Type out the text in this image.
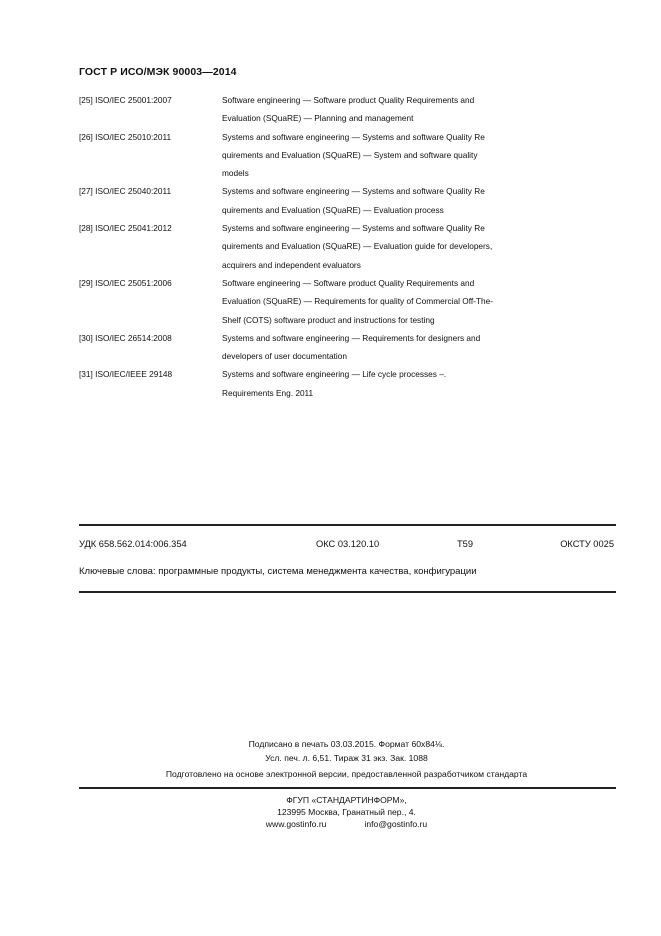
ГОСТ Р ИСО/МЭК 90003—2014
[25] ISO/IEC 25001:2007	Software engineering — Software product Quality Requirements and
Evaluation (SQuaRE) — Planning and management
[26] ISO/IEC 25010:2011	Systems and software engineering — Systems and software Quality Re
quirements and Evaluation (SQuaRE) — System and software quality
models
[27] ISO/IEC 25040:2011	Systems and software engineering — Systems and software Quality Re
quirements and Evaluation (SQuaRE) — Evaluation process
[28] ISO/IEC 25041:2012	Systems and software engineering — Systems and software Quality Re
quirements and Evaluation (SQuaRE) — Evaluation guide for developers,
acquirers and independent evaluators
[29] ISO/IEC 25051:2006	Software engineering — Software product Quality Requirements and
Evaluation (SQuaRE) — Requirements for quality of Commercial Off-The-
Shelf (COTS) software product and instructions for testing
[30] ISO/IEC 26514:2008	Systems and software engineering — Requirements for designers and
developers of user documentation
[31] ISO/IEC/IEEE 29148	Systems and software engineering — Life cycle processes –.
Requirements Eng. 2011
УДК 658.562.014:006.354	ОКС 03.120.10	Т59	ОКСТУ 0025
Ключевые слова: программные продукты, система менеджмента качества, конфигурации
Подписано в печать 03.03.2015. Формат 60х84⅛.
Усл. печ. л. 6,51. Тираж 31 экз. Зак. 1088
Подготовлено на основе электронной версии, предоставленной разработчиком стандарта
ФГУП «СТАНДАРТИНФОРМ»,
123995 Москва, Гранатный пер., 4.
www.gostinfo.ru	info@gostinfo.ru
